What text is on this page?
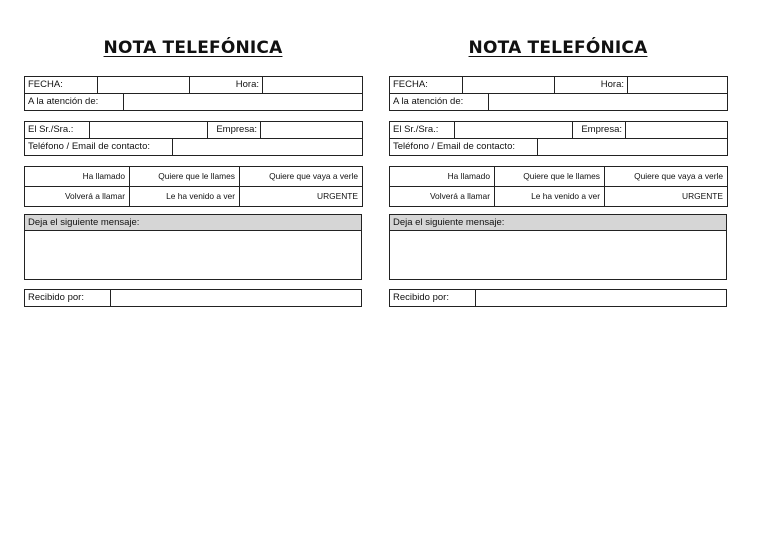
NOTA TELEFÓNICA
FECHA:		Hora:	

A la atención de:	
El Sr./Sra.:		Empresa:	

Teléfono / Email de contacto:	
Ha llamado	Quiere que le llames	Quiere que vaya a verle
Volverá a llamar	Le ha venido a ver	URGENTE
Deja el siguiente mensaje:
Recibido por:	
NOTA TELEFÓNICA
FECHA:		Hora:	

A la atención de:	
El Sr./Sra.:		Empresa:	

Teléfono / Email de contacto:	
Ha llamado	Quiere que le llames	Quiere que vaya a verle
Volverá a llamar	Le ha venido a ver	URGENTE
Deja el siguiente mensaje:
Recibido por:	
